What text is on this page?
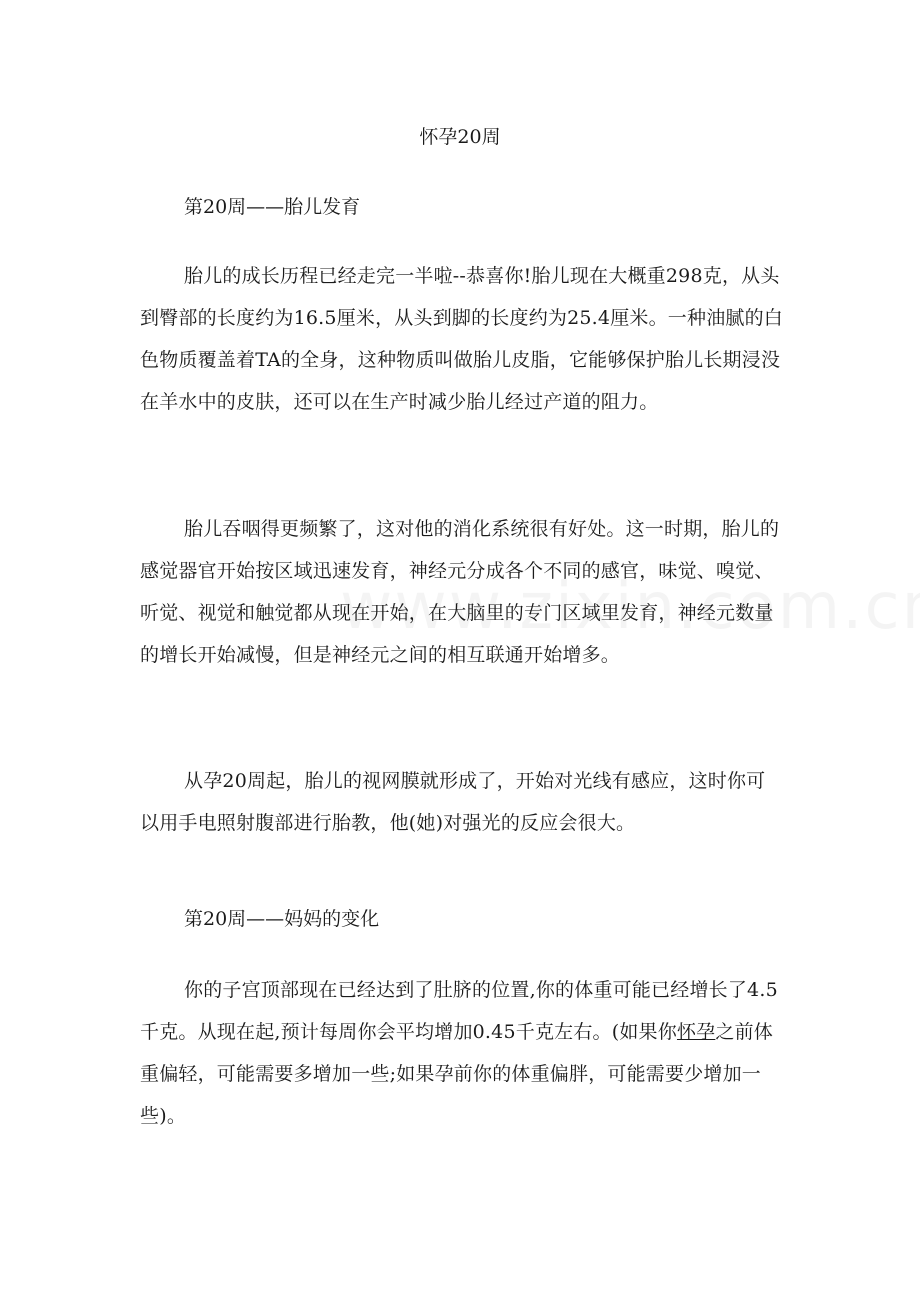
怀孕20周
第20周——胎儿发育
胎儿的成长历程已经走完一半啦--恭喜你!胎儿现在大概重298克，从头到臀部的长度约为16.5厘米，从头到脚的长度约为25.4厘米。一种油腻的白色物质覆盖着TA的全身，这种物质叫做胎儿皮脂，它能够保护胎儿长期浸没在羊水中的皮肤，还可以在生产时减少胎儿经过产道的阻力。
胎儿吞咽得更频繁了，这对他的消化系统很有好处。这一时期，胎儿的感觉器官开始按区域迅速发育，神经元分成各个不同的感官，味觉、嗅觉、听觉、视觉和触觉都从现在开始，在大脑里的专门区域里发育，神经元数量的增长开始减慢，但是神经元之间的相互联通开始增多。
从孕20周起，胎儿的视网膜就形成了，开始对光线有感应，这时你可以用手电照射腹部进行胎教，他(她)对强光的反应会很大。
第20周——妈妈的变化
你的子宫顶部现在已经达到了肚脐的位置,你的体重可能已经增长了4.5千克。从现在起,预计每周你会平均增加0.45千克左右。(如果你怀孕之前体重偏轻，可能需要多增加一些;如果孕前你的体重偏胖，可能需要少增加一些)。
